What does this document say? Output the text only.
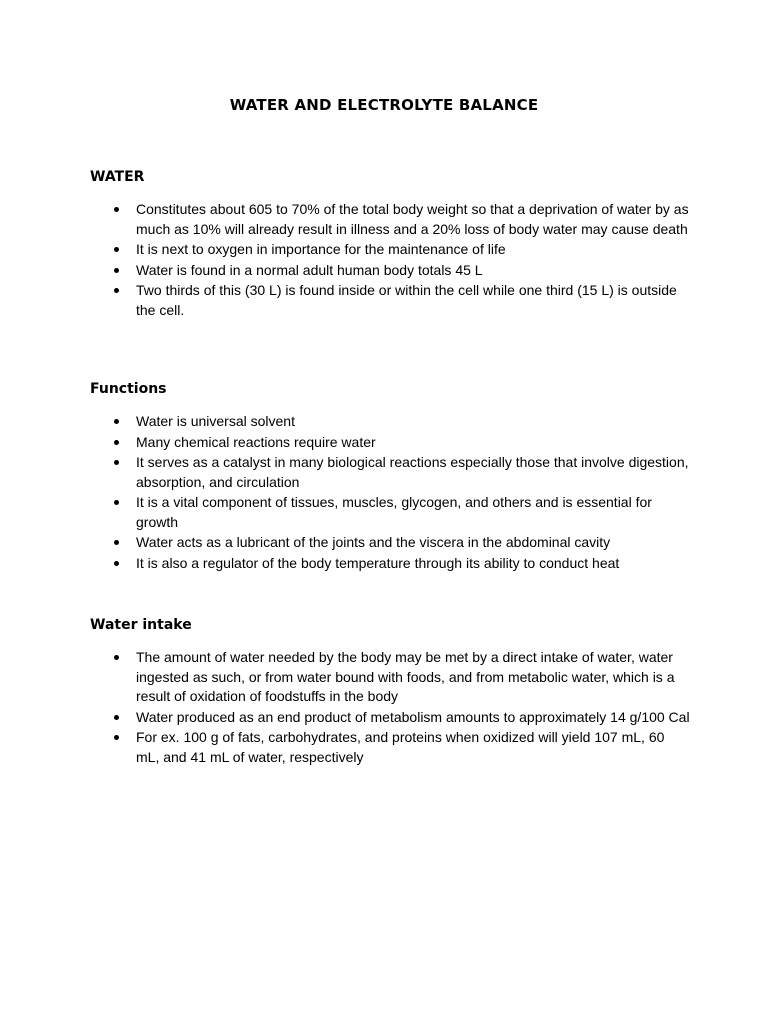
WATER AND ELECTROLYTE BALANCE
WATER
Constitutes about 605 to 70% of the total body weight so that a deprivation of water by as much as 10% will already result in illness and a 20% loss of body water may cause death
It is next to oxygen in importance for the maintenance of life
Water is found in a normal adult human body totals 45 L
Two thirds of this (30 L) is found inside or within the cell while one third (15 L) is outside the cell.
Functions
Water is universal solvent
Many chemical reactions require water
It serves as a catalyst in many biological reactions especially those that involve digestion, absorption, and circulation
It is a vital component of tissues, muscles, glycogen, and others and is essential for growth
Water acts as a lubricant of the joints and the viscera in the abdominal cavity
It is also a regulator of the body temperature through its ability to conduct heat
Water intake
The amount of water needed by the body may be met by a direct intake of water, water ingested as such, or from water bound with foods, and from metabolic water, which is a result of oxidation of foodstuffs in the body
Water produced as an end product of metabolism amounts to approximately 14 g/100 Cal
For ex. 100 g of fats, carbohydrates, and proteins when oxidized will yield 107 mL, 60 mL, and 41 mL of water, respectively
